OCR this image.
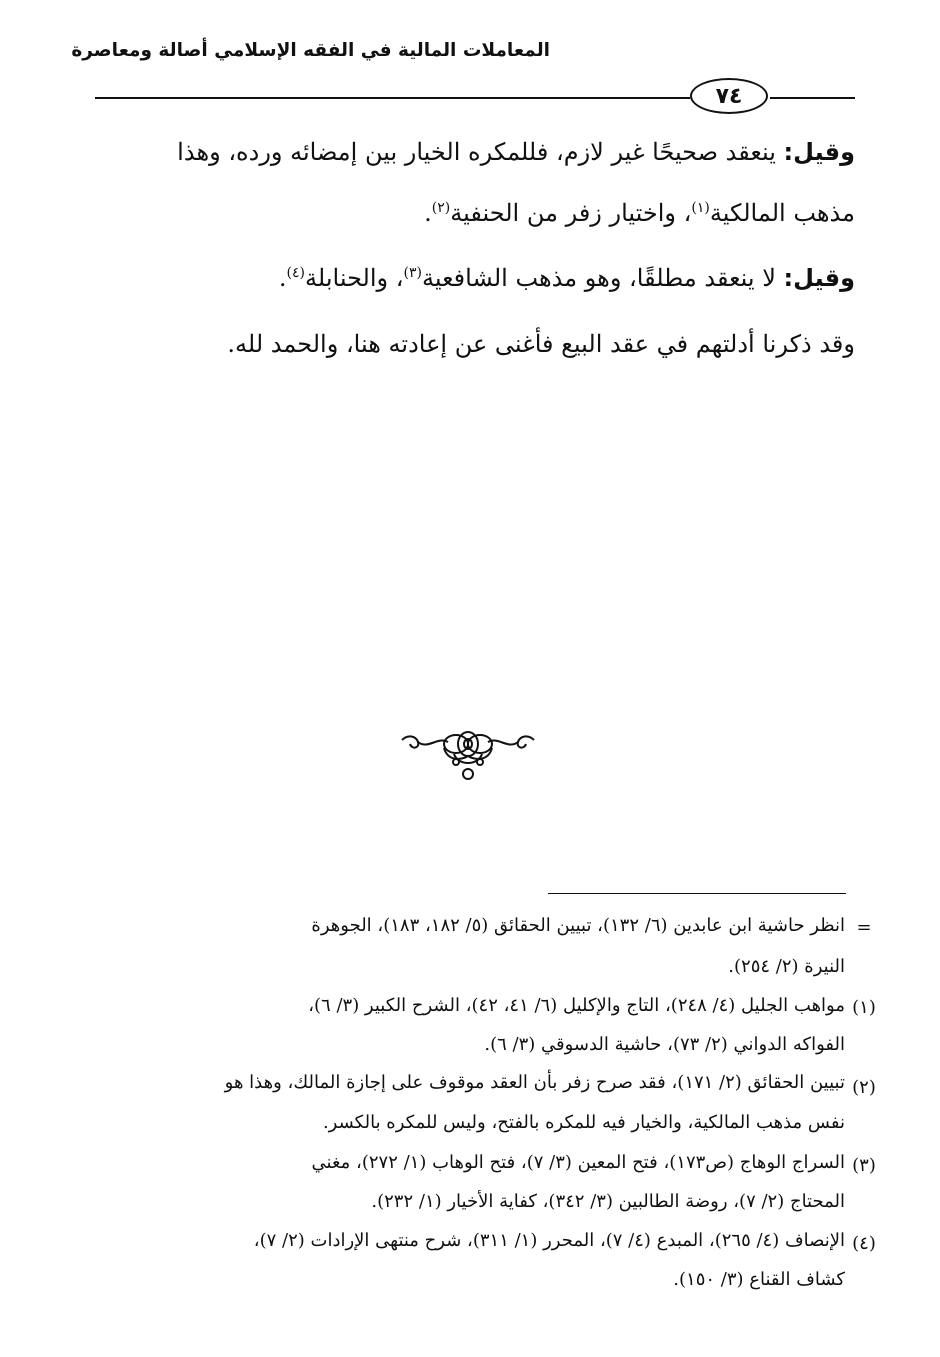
المعاملات المالية في الفقه الإسلامي أصالة ومعاصرة
٧٤
وقيل: ينعقد صحيحًا غير لازم، فللمكره الخيار بين إمضائه ورده، وهذا
مذهب المالكية$^{(١)}$، واختيار زفر من الحنفية$^{(٢)}$.
وقيل: لا ينعقد مطلقًا، وهو مذهب الشافعية$^{(٣)}$، والحنابلة$^{(٤)}$.
وقد ذكرنا أدلتهم في عقد البيع فأغنى عن إعادته هنا، والحمد لله.
=
انظر حاشية ابن عابدين (٦/ ١٣٢)، تبيين الحقائق (٥/ ١٨٢، ١٨٣)، الجوهرة
النيرة (٢/ ٢٥٤).
(١)
مواهب الجليل (٤/ ٢٤٨)، التاج والإكليل (٦/ ٤١، ٤٢)، الشرح الكبير (٣/ ٦)،
الفواكه الدواني (٢/ ٧٣)، حاشية الدسوقي (٣/ ٦).
(٢)
تبيين الحقائق (٢/ ١٧١)، فقد صرح زفر بأن العقد موقوف على إجازة المالك، وهذا هو
نفس مذهب المالكية، والخيار فيه للمكره بالفتح، وليس للمكره بالكسر.
(٣)
السراج الوهاج (ص١٧٣)، فتح المعين (٣/ ٧)، فتح الوهاب (١/ ٢٧٢)، مغني
المحتاج (٢/ ٧)، روضة الطالبين (٣/ ٣٤٢)، كفاية الأخيار (١/ ٢٣٢).
(٤)
الإنصاف (٤/ ٢٦٥)، المبدع (٤/ ٧)، المحرر (١/ ٣١١)، شرح منتهى الإرادات (٢/ ٧)،
كشاف القناع (٣/ ١٥٠).
